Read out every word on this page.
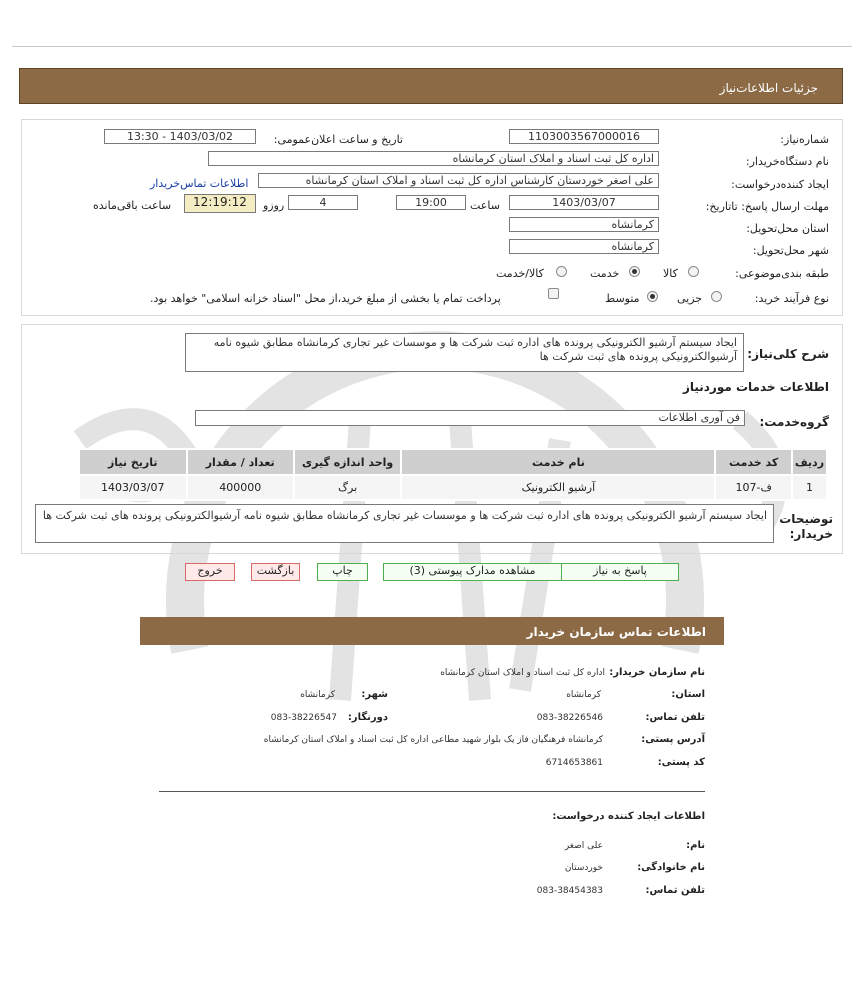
جزئیات اطلاعات‌نیاز
شماره‌نیاز:
1103003567000016
تاریخ و ساعت اعلان‌عمومی:
1403/03/02 - 13:30
نام دستگاه‌خریدار:
اداره کل ثبت اسناد و املاک استان کرمانشاه
ایجاد کننده‌درخواست:
علی اصغر خوردستان کارشناس اداره کل ثبت اسناد و املاک استان کرمانشاه
اطلاعات تماس‌خریدار
مهلت ارسال پاسخ: تاتاریخ:
1403/03/07
ساعت
19:00
4
روزو
12:19:12
ساعت باقی‌مانده
استان محل‌تحویل:
کرمانشاه
شهر محل‌تحویل:
کرمانشاه
طبقه بندی‌موضوعی:
کالا
خدمت
کالا/خدمت
نوع فرآیند خرید:
جزیی
متوسط
پرداخت تمام یا بخشی از مبلغ خرید،از محل "اسناد خزانه اسلامی" خواهد بود.
شرح کلی‌نیاز:
ایجاد سیستم آرشیو الکترونیکی پرونده های اداره ثبت شرکت ها و موسسات غیر تجاری کرمانشاه مطابق شیوه نامه آرشیوالکترونیکی پرونده های ثبت شرکت ها
اطلاعات خدمات موردنیاز
گروه‌خدمت:
فن آوری اطلاعات
ردیف	کد خدمت	نام خدمت	واحد اندازه گیری	تعداد / مقدار	تاریخ نیاز
1	ف-107	آرشیو الکترونیک	برگ	400000	1403/03/07
توضیحات خریدار:
ایجاد سیستم آرشیو الکترونیکی پرونده های اداره ثبت شرکت ها و موسسات غیر تجاری کرمانشاه مطابق شیوه نامه آرشیوالکترونیکی پرونده های ثبت شرکت ها
پاسخ به نیاز
مشاهده مدارک پیوستی (3)
چاپ
بازگشت
خروج
اطلاعات تماس سازمان خریدار
نام سازمان خریدار:
اداره کل ثبت اسناد و املاک استان کرمانشاه
استان:
کرمانشاه
شهر:
کرمانشاه
تلفن تماس:
083-38226546
دورنگار:
083-38226547
آدرس پستی:
کرمانشاه فرهنگیان فاز یک بلوار شهید مطاعی اداره کل ثبت اسناد و املاک استان کرمانشاه
کد پستی:
6714653861
اطلاعات ایجاد کننده درخواست:
نام:
علی اصغر
نام خانوادگی:
خوردستان
تلفن تماس:
083-38454383
